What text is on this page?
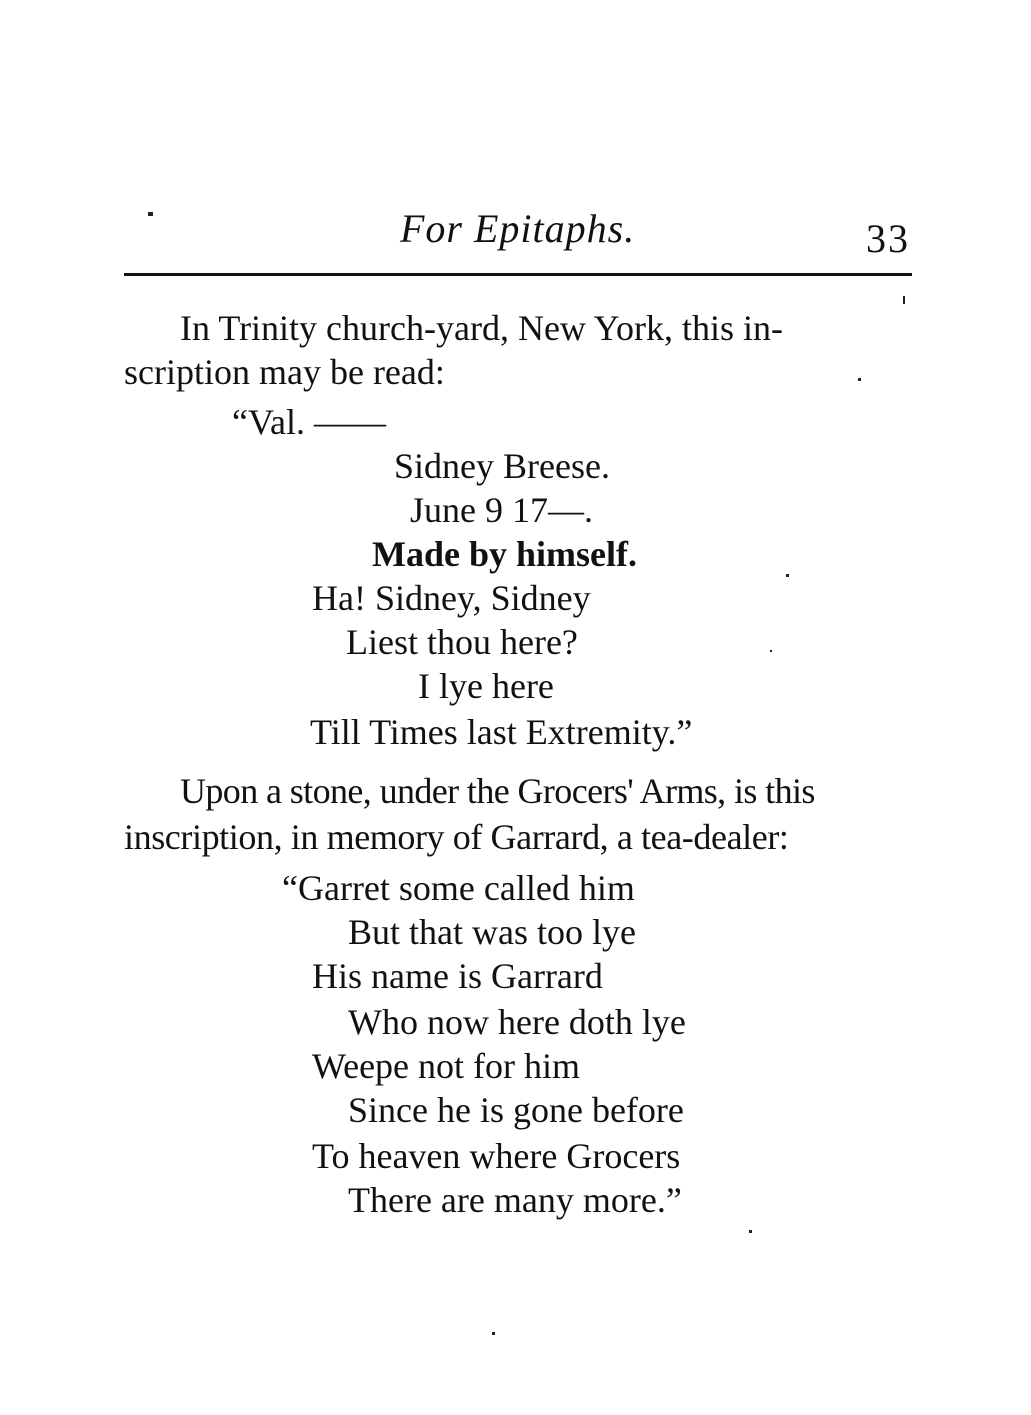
For Epitaphs.	33
In Trinity church-yard, New York, this in-
scription may be read:
“Val. ——
Sidney Breese.
June 9 17—.
Made by himself.
Ha! Sidney, Sidney
Liest thou here?
I lye here
Till Times last Extremity.”
Upon a stone, under the Grocers' Arms, is this
inscription, in memory of Garrard, a tea-dealer:
“Garret some called him
But that was too lye
His name is Garrard
Who now here doth lye
Weepe not for him
Since he is gone before
To heaven where Grocers
There are many more.”
